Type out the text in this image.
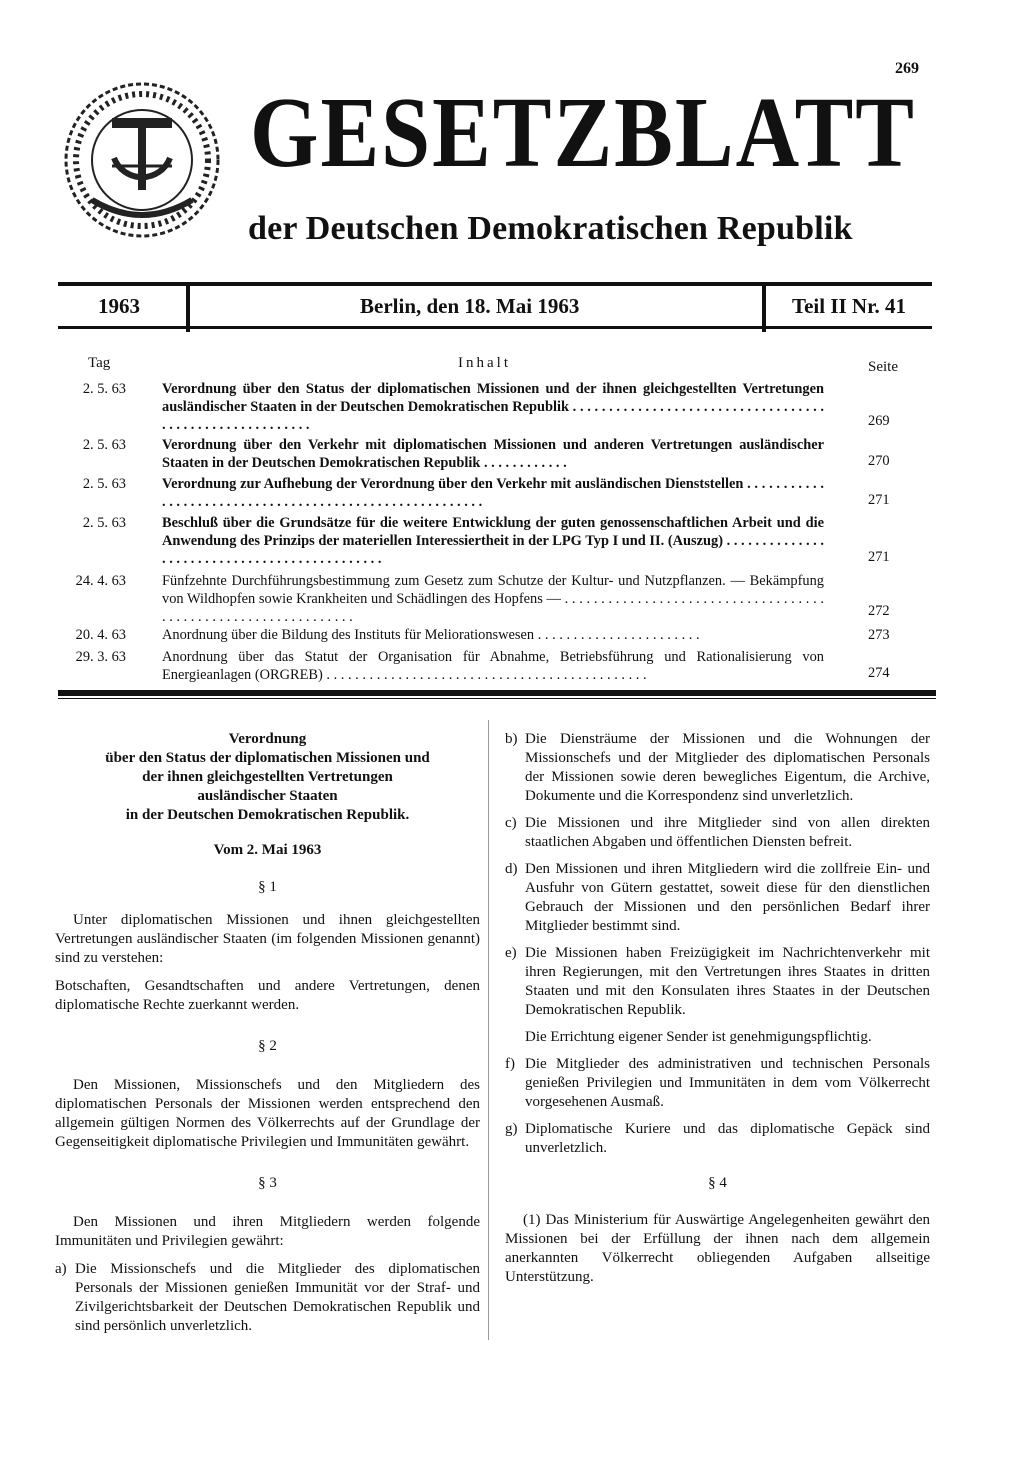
269
GESETZBLATT
der Deutschen Demokratischen Republik
1963	Berlin, den 18. Mai 1963	Teil II Nr. 41
Tag	Inhalt	Seite
2. 5. 63	Verordnung über den Status der diplomatischen Missionen und der ihnen gleichgestellten Vertretungen ausländischer Staaten in der Deutschen Demokratischen Republik . . . . . . . . . . . . . . . . . . . . . . . . . . . . . . . . . . . . . . . . . . . . . . . . . . . . . . . .	269
2. 5. 63	Verordnung über den Verkehr mit diplomatischen Missionen und anderen Vertretungen ausländischer Staaten in der Deutschen Demokratischen Republik . . . . . . . . . . . .	270
2. 5. 63	Verordnung zur Aufhebung der Verordnung über den Verkehr mit ausländischen Dienststellen . . . . . . . . . . . . . . . . . . . . . . . . . . . . . . . . . . . . . . . . . . . . . . . . . . . . . . . .	271
2. 5. 63	Beschluß über die Grundsätze für die weitere Entwicklung der guten genossenschaftlichen Arbeit und die Anwendung des Prinzips der materiellen Interessiertheit in der LPG Typ I und II. (Auszug) . . . . . . . . . . . . . . . . . . . . . . . . . . . . . . . . . . . . . . . . . . . . .	271
24. 4. 63	Fünfzehnte Durchführungsbestimmung zum Gesetz zum Schutze der Kultur- und Nutzpflanzen. — Bekämpfung von Wildhopfen sowie Krankheiten und Schädlingen des Hopfens — . . . . . . . . . . . . . . . . . . . . . . . . . . . . . . . . . . . . . . . . . . . . . . . . . . . . . . . . . . . . . . .	272
20. 4. 63	Anordnung über die Bildung des Instituts für Meliorationswesen . . . . . . . . . . . . . . . . . . . . . . .	273
29. 3. 63	Anordnung über das Statut der Organisation für Abnahme, Betriebsführung und Rationalisierung von Energieanlagen (ORGREB) . . . . . . . . . . . . . . . . . . . . . . . . . . . . . . . . . . . . . . . . . . . . .	274
Verordnung
über den Status der diplomatischen Missionen und
der ihnen gleichgestellten Vertretungen
ausländischer Staaten
in der Deutschen Demokratischen Republik.
Vom 2. Mai 1963
§ 1

Unter diplomatischen Missionen und ihnen gleichgestellten Vertretungen ausländischer Staaten (im folgenden Missionen genannt) sind zu verstehen:

Botschaften, Gesandtschaften und andere Vertretungen, denen diplomatische Rechte zuerkannt werden.

§ 2

Den Missionen, Missionschefs und den Mitgliedern des diplomatischen Personals der Missionen werden entsprechend den allgemein gültigen Normen des Völkerrechts auf der Grundlage der Gegenseitigkeit diplomatische Privilegien und Immunitäten gewährt.

§ 3

Den Missionen und ihren Mitgliedern werden folgende Immunitäten und Privilegien gewährt:

a) Die Missionschefs und die Mitglieder des diplomatischen Personals der Missionen genießen Immunität vor der Straf- und Zivilgerichtsbarkeit der Deutschen Demokratischen Republik und sind persönlich unverletzlich.
b) Die Diensträume der Missionen und die Wohnungen der Missionschefs und der Mitglieder des diplomatischen Personals der Missionen sowie deren bewegliches Eigentum, die Archive, Dokumente und die Korrespondenz sind unverletzlich.
c) Die Missionen und ihre Mitglieder sind von allen direkten staatlichen Abgaben und öffentlichen Diensten befreit.
d) Den Missionen und ihren Mitgliedern wird die zollfreie Ein- und Ausfuhr von Gütern gestattet, soweit diese für den dienstlichen Gebrauch der Missionen und den persönlichen Bedarf ihrer Mitglieder bestimmt sind.
e) Die Missionen haben Freizügigkeit im Nachrichtenverkehr mit ihren Regierungen, mit den Vertretungen ihres Staates in dritten Staaten und mit den Konsulaten ihres Staates in der Deutschen Demokratischen Republik.

Die Errichtung eigener Sender ist genehmigungspflichtig.

f) Die Mitglieder des administrativen und technischen Personals genießen Privilegien und Immunitäten in dem vom Völkerrecht vorgesehenen Ausmaß.
g) Diplomatische Kuriere und das diplomatische Gepäck sind unverletzlich.
§ 4

(1) Das Ministerium für Auswärtige Angelegenheiten gewährt den Missionen bei der Erfüllung der ihnen nach dem allgemein anerkannten Völkerrecht obliegenden Aufgaben allseitige Unterstützung.
